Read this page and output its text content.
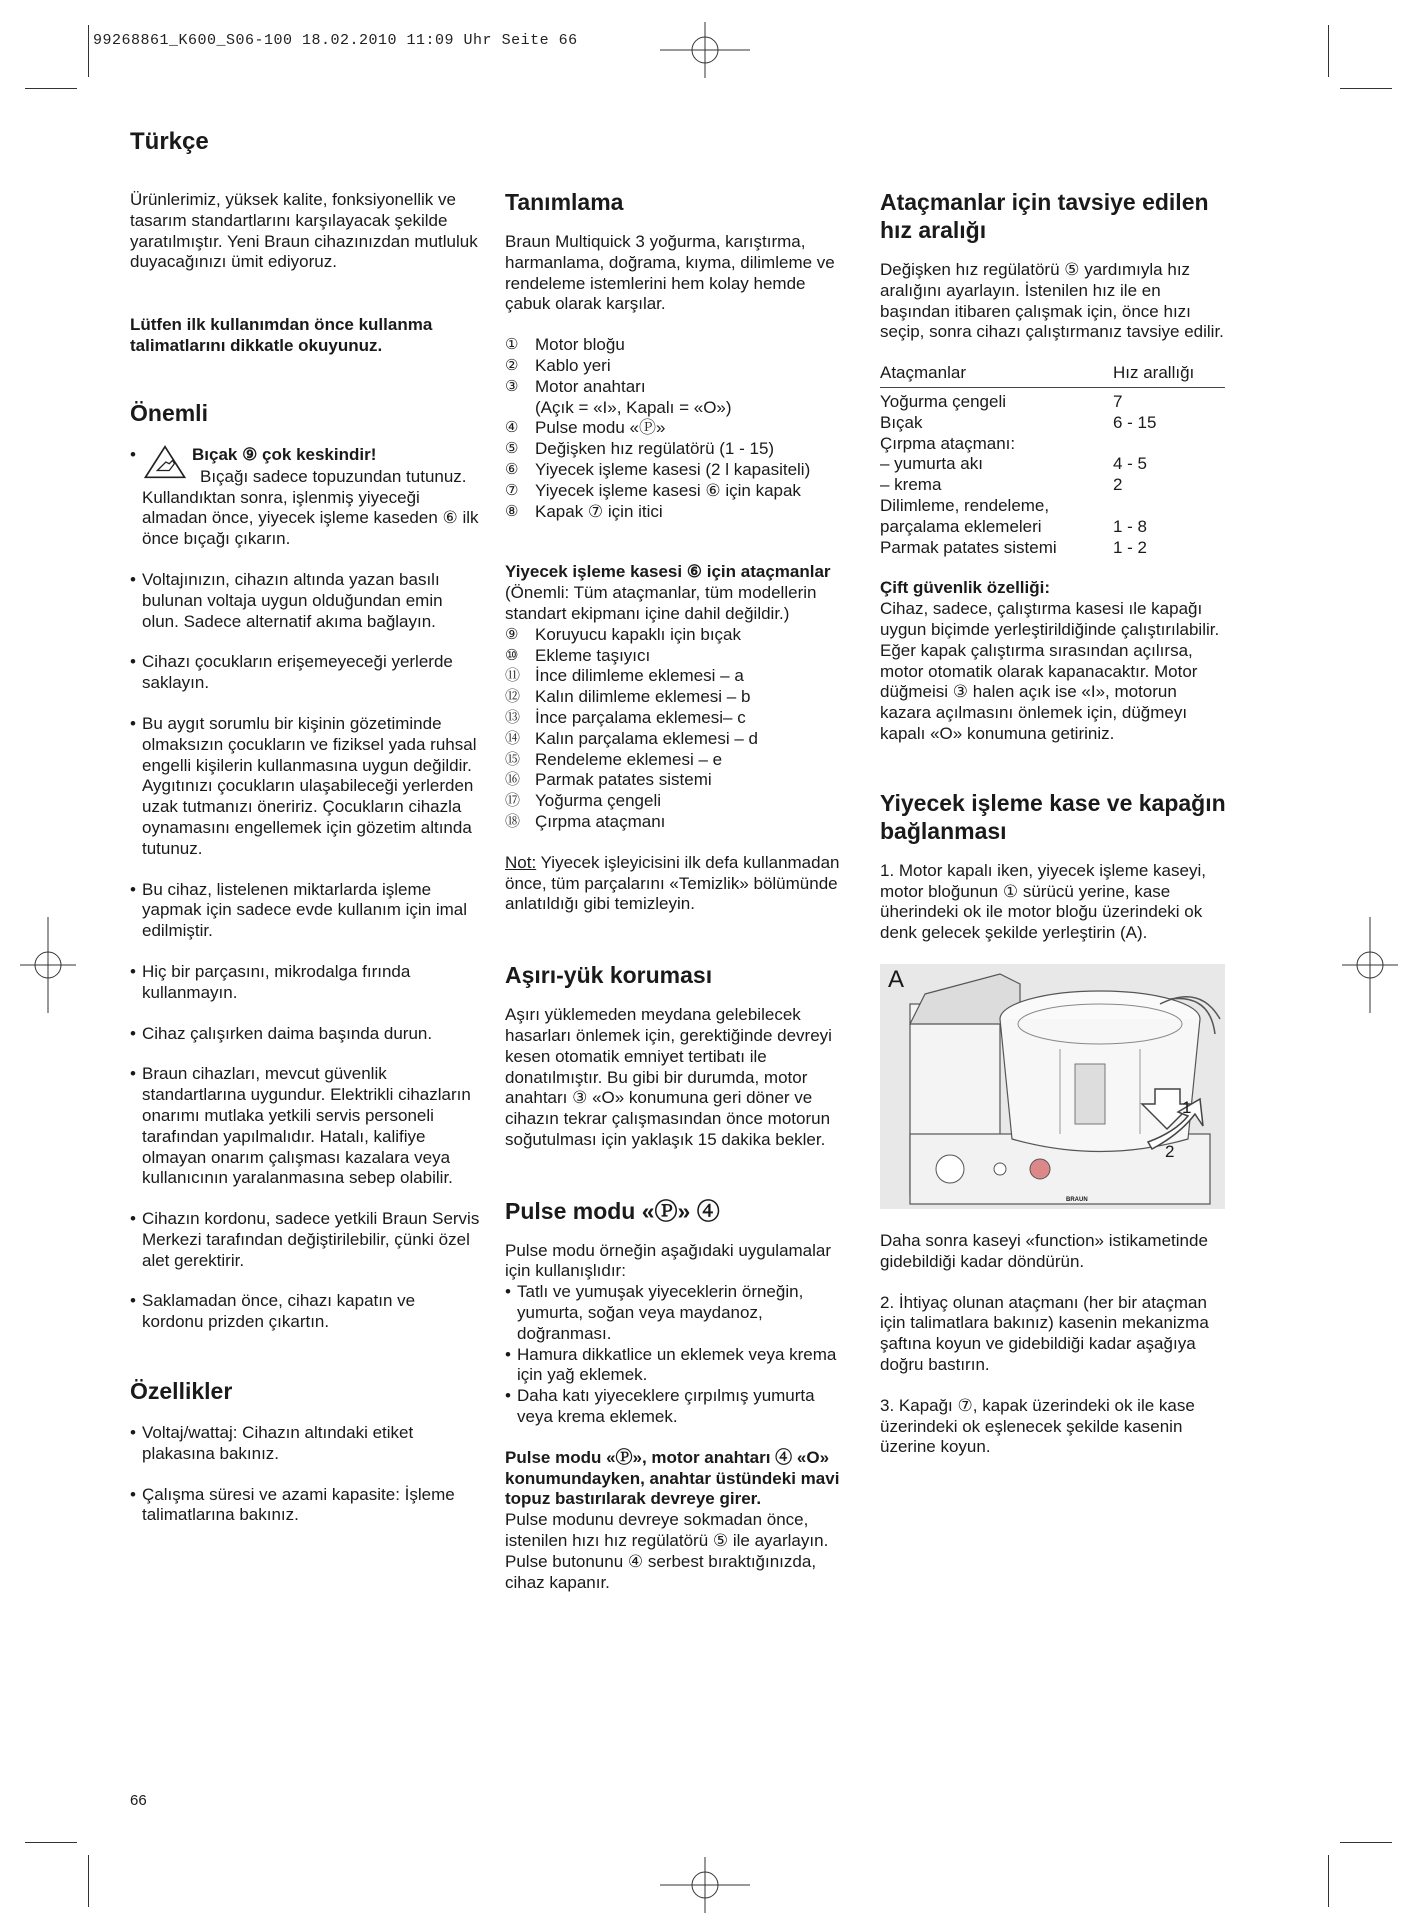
99268861_K600_S06-100 18.02.2010 11:09 Uhr Seite 66
Türkçe

Ürünlerimiz, yüksek kalite, fonksiyonellik ve tasarım standartlarını karşılayacak şekilde yaratılmıştır. Yeni Braun cihazınızdan mutluluk duyacağınızı ümit ediyoruz.

Lütfen ilk kullanımdan önce kullanma talimatlarını dikkatle okuyunuz.

Önemli
•	Bıçak ⑨ çok keskindir!
Bıçağı sadece topuzundan tutunuz. Kullandıktan sonra, işlenmiş yiyeceği almadan önce, yiyecek işleme kaseden ⑥ ilk önce bıçağı çıkarın.
• Voltajınızın, cihazın altında yazan basılı bulunan voltaja uygun olduğundan emin olun. Sadece alternatif akıma bağlayın.
• Cihazı çocukların erişemeyeceği yerlerde saklayın.
• Bu aygıt sorumlu bir kişinin gözetiminde olmaksızın çocukların ve fiziksel yada ruhsal engelli kişilerin kullanmasına uygun değildir. Aygıtınızı çocukların ulaşabileceği yerlerden uzak tutmanızı öneririz. Çocukların cihazla oynamasını engellemek için gözetim altında tutunuz.
• Bu cihaz, listelenen miktarlarda işleme yapmak için sadece evde kullanım için imal edilmiştir.
• Hiç bir parçasını, mikrodalga fırında kullanmayın.
• Cihaz çalışırken daima başında durun.
• Braun cihazları, mevcut güvenlik standartlarına uygundur. Elektrikli cihazların onarımı mutlaka yetkili servis personeli tarafından yapılmalıdır. Hatalı, kalifiye olmayan onarım çalışması kazalara veya kullanıcının yaralanmasına sebep olabilir.
• Cihazın kordonu, sadece yetkili Braun Servis Merkezi tarafından değiştirilebilir, çünki özel alet gerektirir.
• Saklamadan önce, cihazı kapatın ve kordonu prizden çıkartın.
Özellikler
• Voltaj/wattaj: Cihazın altındaki etiket plakasına bakınız.
• Çalışma süresi ve azami kapasite: İşleme talimatlarına bakınız.
Tanımlama

Braun Multiquick 3 yoğurma, karıştırma, harmanlama, doğrama, kıyma, dilimleme ve rendeleme istemlerini hem kolay hemde çabuk olarak karşılar.

① Motor bloğu
② Kablo yeri
③ Motor anahtarı
(Açık = «I», Kapalı = «O»)
④ Pulse modu «Ⓟ»
⑤ Değişken hız regülatörü (1 - 15)
⑥ Yiyecek işleme kasesi (2 l kapasiteli)
⑦ Yiyecek işleme kasesi ⑥ için kapak
⑧ Kapak ⑦ için itici

Yiyecek işleme kasesi ⑥ için ataçmanlar

(Önemli: Tüm ataçmanlar, tüm modellerin standart ekipmanı içine dahil değildir.)

⑨ Koruyucu kapaklı için bıçak
⑩ Ekleme taşıyıcı
⑪ İnce dilimleme eklemesi – a
⑫ Kalın dilimleme eklemesi – b
⑬ İnce parçalama eklemesi– c
⑭ Kalın parçalama eklemesi – d
⑮ Rendeleme eklemesi – e
⑯ Parmak patates sistemi
⑰ Yoğurma çengeli
⑱ Çırpma ataçmanı

Not: Yiyecek işleyicisini ilk defa kullanmadan önce, tüm parçalarını «Temizlik» bölümünde anlatıldığı gibi temizleyin.

Aşırı-yük koruması

Aşırı yüklemeden meydana gelebilecek hasarları önlemek için, gerektiğinde devreyi kesen otomatik emniyet tertibatı ile donatılmıştır. Bu gibi bir durumda, motor anahtarı ③ «O» konumuna geri döner ve cihazın tekrar çalışmasından önce motorun soğutulması için yaklaşık 15 dakika bekler.

Pulse modu «Ⓟ» ④

Pulse modu örneğin aşağıdaki uygulamalar için kullanışlıdır:

• Tatlı ve yumuşak yiyeceklerin örneğin, yumurta, soğan veya maydanoz, doğranması.
• Hamura dikkatlice un eklemek veya krema için yağ eklemek.
• Daha katı yiyeceklere çırpılmış yumurta veya krema eklemek.

Pulse modu «Ⓟ», motor anahtarı ④ «O» konumundayken, anahtar üstündeki mavi topuz bastırılarak devreye girer.

Pulse modunu devreye sokmadan önce, istenilen hızı hız regülatörü ⑤ ile ayarlayın. Pulse butonunu ④ serbest bıraktığınızda, cihaz kapanır.

Ataçmanlar için tavsiye edilen hız aralığı

Değişken hız regülatörü ⑤ yardımıyla hız aralığını ayarlayın. İstenilen hız ile en başından itibaren çalışmak için, önce hızı seçip, sonra cihazı çalıştırmanız tavsiye edilir.

Ataçmanlar	Hız arallığı

Yoğurma çengeli	7
Bıçak	6 - 15
Çırpma ataçmanı:	
– yumurta akı	4 - 5
– krema	2
Dilimleme, rendeleme,	
parçalama eklemeleri	1 - 8
Parmak patates sistemi	1 - 2

Çift güvenlik özelliği:

Cihaz, sadece, çalıştırma kasesi ıle kapağı uygun biçimde yerleştirildiğinde çalıştırılabilir. Eğer kapak çalıştırma sırasından açılırsa, motor otomatik olarak kapanacaktır. Motor düğmeisi ③ halen açık ise «I», motorun kazara açılmasını önlemek için, düğmeyı kapalı «O» konumuna getiriniz.

Yiyecek işleme kase ve kapağın bağlanması

1. Motor kapalı iken, yiyecek işleme kaseyi, motor bloğunun ① sürücü yerine, kase üherindeki ok ile motor bloğu üzerindeki ok denk gelecek şekilde yerleştirin (A).

A
1
2
BRAUN

Daha sonra kaseyi «function» istikametinde gidebildiği kadar döndürün.

2. İhtiyaç olunan ataçmanı (her bir ataçman için talimatlara bakınız) kasenin mekanizma şaftına koyun ve gidebildiği kadar aşağıya doğru bastırın.

3. Kapağı ⑦, kapak üzerindeki ok ile kase üzerindeki ok eşlenecek şekilde kasenin üzerine koyun.

66
